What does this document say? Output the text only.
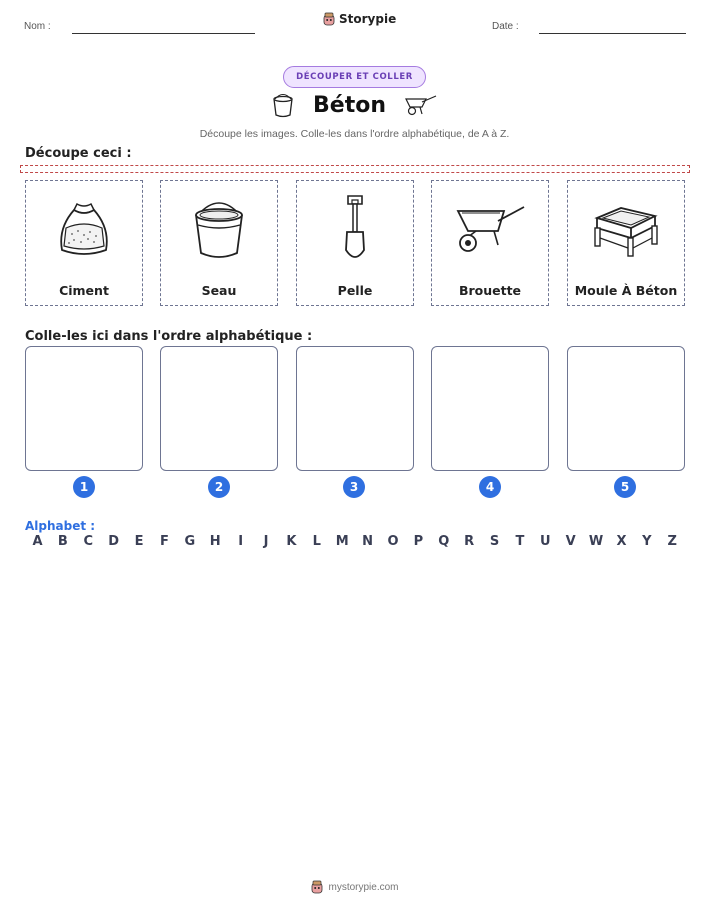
Nom :
Storypie
Date :
DÉCOUPER ET COLLER
Béton
Découpe les images. Colle-les dans l'ordre alphabétique, de A à Z.
Découpe ceci :
Ciment	Seau	Pelle	Brouette	Moule À Béton
Colle-les ici dans l'ordre alphabétique :
1	2	3	4	5
Alphabet :
A	B	C	D	E	F	G	H	I	J	K	L	M	N	O	P	Q	R	S	T	U	V	W	X	Y	Z
mystorypie.com
